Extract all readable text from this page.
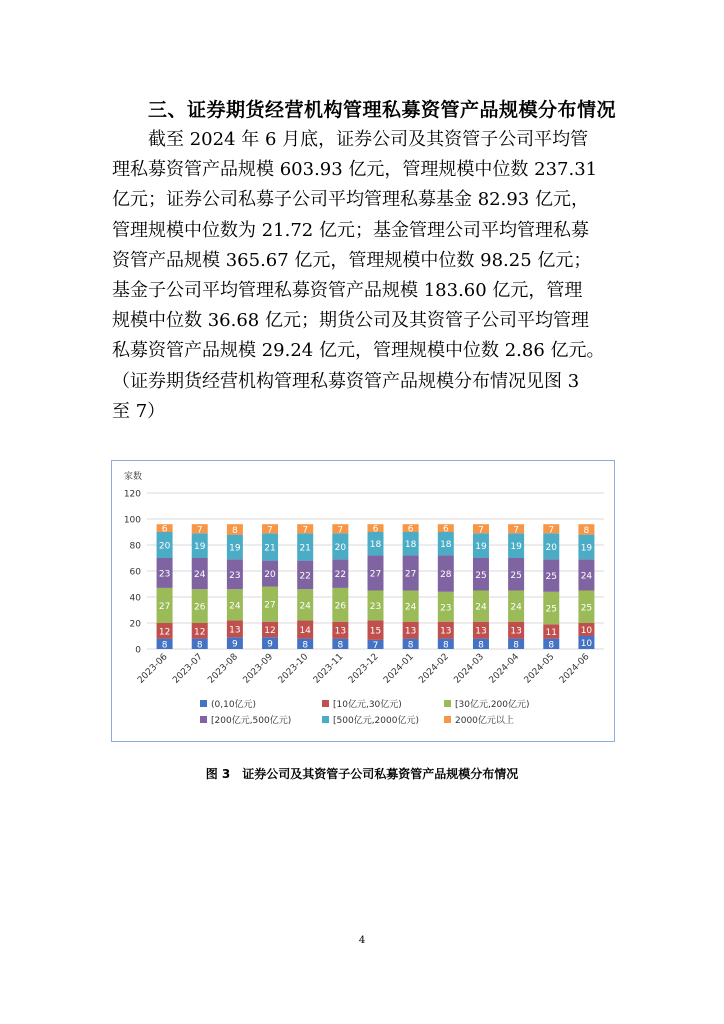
三、证券期货经营机构管理私募资管产品规模分布情况
　　截至 2024 年 6 月底，证券公司及其资管子公司平均管
理私募资管产品规模 603.93 亿元，管理规模中位数 237.31
亿元；证券公司私募子公司平均管理私募基金 82.93 亿元，
管理规模中位数为 21.72 亿元；基金管理公司平均管理私募
资管产品规模 365.67 亿元，管理规模中位数 98.25 亿元；
基金子公司平均管理私募资管产品规模 183.60 亿元，管理
规模中位数 36.68 亿元；期货公司及其资管子公司平均管理
私募资管产品规模 29.24 亿元，管理规模中位数 2.86 亿元。
（证券期货经营机构管理私募资管产品规模分布情况见图 3
至 7）
家数
0
20
40
60
80
100
120
8
12
27
23
20
6
2023-06
8
12
26
24
19
7
2023-07
9
13
24
23
19
8
2023-08
9
12
27
20
21
7
2023-09
8
14
24
22
21
7
2023-10
8
13
26
22
20
7
2023-11
7
15
23
27
18
6
2023-12
8
13
24
27
18
6
2024-01
8
13
23
28
18
6
2024-02
8
13
24
25
19
7
2024-03
8
13
24
25
19
7
2024-04
8
11
25
25
20
7
2024-05
10
10
25
24
19
8
2024-06
(0,10亿元)	[10亿元,30亿元)	[30亿元,200亿元)
[200亿元,500亿元)	[500亿元,2000亿元)	2000亿元以上

图 3　证券公司及其资管子公司私募资管产品规模分布情况

4
